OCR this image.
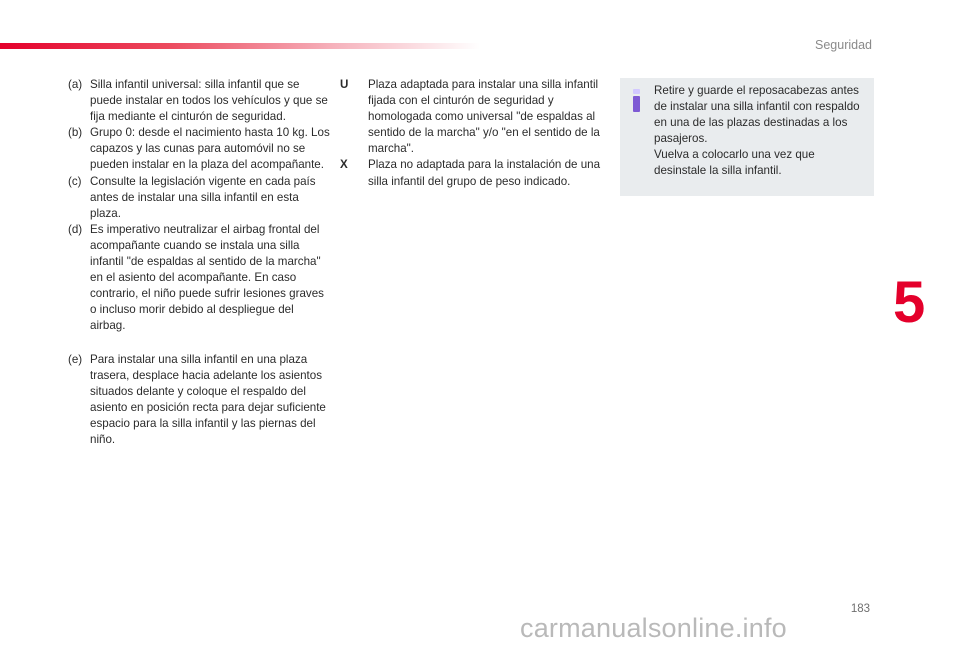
Seguridad
(a) Silla infantil universal: silla infantil que se puede instalar en todos los vehículos y que se fija mediante el cinturón de seguridad.
(b) Grupo 0: desde el nacimiento hasta 10 kg. Los capazos y las cunas para automóvil no se pueden instalar en la plaza del acompañante.
(c) Consulte la legislación vigente en cada país antes de instalar una silla infantil en esta plaza.
(d) Es imperativo neutralizar el airbag frontal del acompañante cuando se instala una silla infantil "de espaldas al sentido de la marcha" en el asiento del acompañante. En caso contrario, el niño puede sufrir lesiones graves o incluso morir debido al despliegue del airbag.
(e) Para instalar una silla infantil en una plaza trasera, desplace hacia adelante los asientos situados delante y coloque el respaldo del asiento en posición recta para dejar suficiente espacio para la silla infantil y las piernas del niño.
U	Plaza adaptada para instalar una silla infantil fijada con el cinturón de seguridad y homologada como universal "de espaldas al sentido de la marcha" y/o "en el sentido de la marcha".
X	Plaza no adaptada para la instalación de una silla infantil del grupo de peso indicado.
Retire y guarde el reposacabezas antes de instalar una silla infantil con respaldo en una de las plazas destinadas a los pasajeros.
Vuelva a colocarlo una vez que desinstale la silla infantil.
5
183
carmanualsonline.info
